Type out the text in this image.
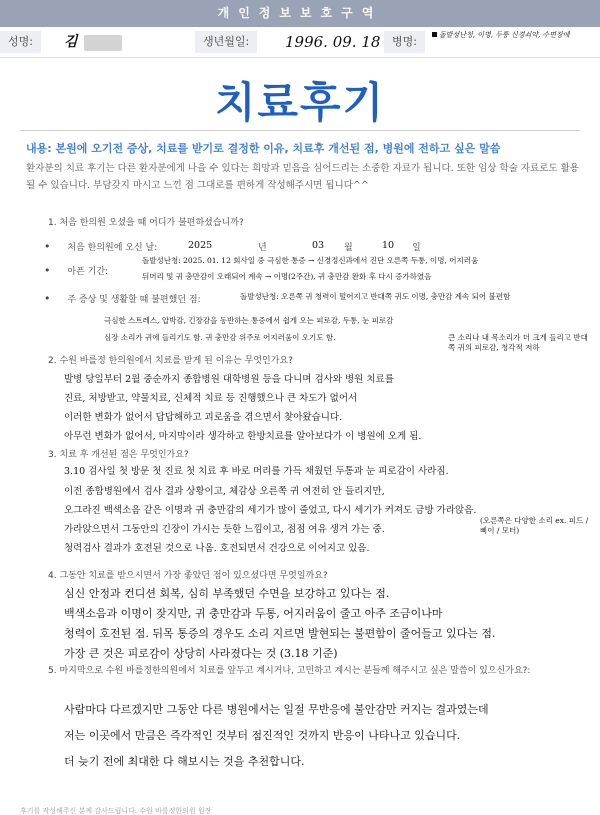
개인정보보호구역
성명:	김	생년월일:	1996. 09. 18	병명:	돌발성난청, 이명, 두통 신경쇠약, 수면장애
치료후기
내용: 본원에 오기전 증상, 치료를 받기로 결정한 이유, 치료후 개선된 점, 병원에 전하고 싶은 말씀
환자분의 치료 후기는 다른 환자분에게 나을 수 있다는 희망과 믿음을 심어드리는 소중한 자료가 됩니다. 또한 임상 학술 자료로도 활용될 수 있습니다. 부담갖지 마시고 느낀 점 그대로를 편하게 작성해주시면 됩니다^^
1. 처음 한의원 오셨을 때 어디가 불편하셨습니까?
• 처음 한의원에 오신 날:	2025	년	03 월	10 일
• 아픈 기간:
돌발성난청: 2025. 01. 12 회사일 중 극심한 통증 → 신경정신과에서 진단 오른쪽 두통, 이명, 어지러움
뒤머리 및 귀 충만감이 오래되어 계속 → 이명(2주간), 귀 충만감 완화 후 다시 증가하였음
• 주 증상 및 생활할 때 불편했던 점:	돌발성난청: 오른쪽 귀 청력이 떨어지고 반대쪽 귀도 이명, 충만감 계속 되어 불편함
극심한 스트레스, 압박감, 긴장감을 동반하는 통증에서 쉽게 오는 피로감, 두통, 눈 피로감
심장 소리가 귀에 들리기도 함. 귀 충만감 위주로 어지러움이 오기도 함.	큰 소리나 내 목소리가 더 크게 들리고 반대쪽 귀의 피로감, 청각적 저하
2. 수원 바를정 한의원에서 치료를 받게 된 이유는 무엇인가요?
발병 당일부터 2월 중순까지 종합병원 대학병원 등을 다니며 검사와 병원 치료를
진료, 처방받고, 약물치료, 신체적 치료 등 진행했으나 큰 차도가 없어서
이러한 변화가 없어서 답답해하고 괴로움을 겪으면서 찾아왔습니다.
아무런 변화가 없어서, 마지막이라 생각하고 한방치료를 알아보다가 이 병원에 오게 됨.
3. 치료 후 개선된 점은 무엇인가요?
3.10 검사일 첫 방문 첫 진료 첫 치료 후 바로 머리를 가득 채웠던 두통과 눈 피로감이 사라짐.
이전 종합병원에서 검사 결과 상황이고, 체감상 오른쪽 귀 여전히 안 들리지만,
오그라진 백색소음 같은 이명과 귀 충만감의 세기가 많이 줄었고, 다시 세기가 커져도 금방 가라앉음.
가라앉으면서 그동안의 긴장이 가시는 듯한 느낌이고, 점점 여유 생겨 가는 중.
(오른쪽은 다양한 소리 ex. 피드 / 삐이 / 모터)
청력검사 결과가 호전된 것으로 나옴. 호전되면서 건강으로 이어지고 있음.
4. 그동안 치료를 받으시면서 가장 좋았던 점이 있으셨다면 무엇일까요?
심신 안정과 컨디션 회복, 심히 부족했던 수면을 보강하고 있다는 점.
백색소음과 이명이 잦지만, 귀 충만감과 두통, 어지러움이 줄고 아주 조금이나마
청력이 호전된 점. 뒤목 통증의 경우도 소리 지르면 발현되는 불편함이 줄어들고 있다는 점.
가장 큰 것은 피로감이 상당히 사라졌다는 것 (3.18 기준)
5. 마지막으로 수원 바를정한의원에서 치료를 앞두고 계시거나, 고민하고 계시는 분들께 해주시고 싶은 말씀이 있으신가요?:
사람마다 다르겠지만 그동안 다른 병원에서는 일절 무반응에 불안감만 커지는 결과였는데
저는 이곳에서 만큼은 즉각적인 것부터 점진적인 것까지 반응이 나타나고 있습니다.
더 늦기 전에 최대한 다 해보시는 것을 추천합니다.
후기를 작성해주신 분께 감사드립니다. 수원 바를정한의원 원장
